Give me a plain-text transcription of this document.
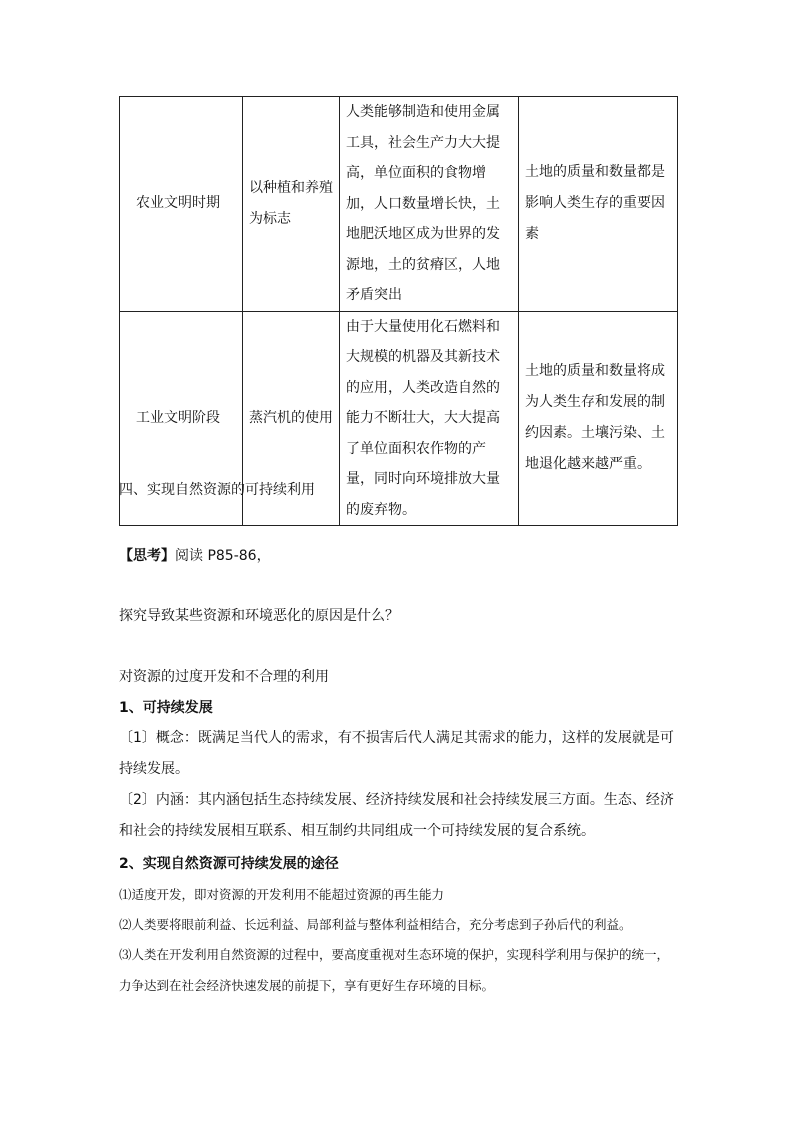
农业文明时期	以种植和养殖为标志	人类能够制造和使用金属工具，社会生产力大大提高，单位面积的食物增加，人口数量增长快，土地肥沃地区成为世界的发源地，土的贫瘠区，人地矛盾突出	土地的质量和数量都是影响人类生存的重要因素
工业文明阶段	蒸汽机的使用	由于大量使用化石燃料和大规模的机器及其新技术的应用，人类改造自然的能力不断壮大，大大提高了单位面积农作物的产量，同时向环境排放大量的废弃物。	土地的质量和数量将成为人类生存和发展的制约因素。土壤污染、土地退化越来越严重。
四、实现自然资源的可持续利用
【思考】阅读 P85-86，
探究导致某些资源和环境恶化的原因是什么？
对资源的过度开发和不合理的利用
1、可持续发展
〔1〕概念：既满足当代人的需求，有不损害后代人满足其需求的能力，这样的发展就是可持续发展。
〔2〕内涵：其内涵包括生态持续发展、经济持续发展和社会持续发展三方面。生态、经济和社会的持续发展相互联系、相互制约共同组成一个可持续发展的复合系统。
2、实现自然资源可持续发展的途径
⑴适度开发，即对资源的开发利用不能超过资源的再生能力
⑵人类要将眼前利益、长远利益、局部利益与整体利益相结合，充分考虑到子孙后代的利益。
⑶人类在开发利用自然资源的过程中，要高度重视对生态环境的保护，实现科学利用与保护的统一，力争达到在社会经济快速发展的前提下，享有更好生存环境的目标。
